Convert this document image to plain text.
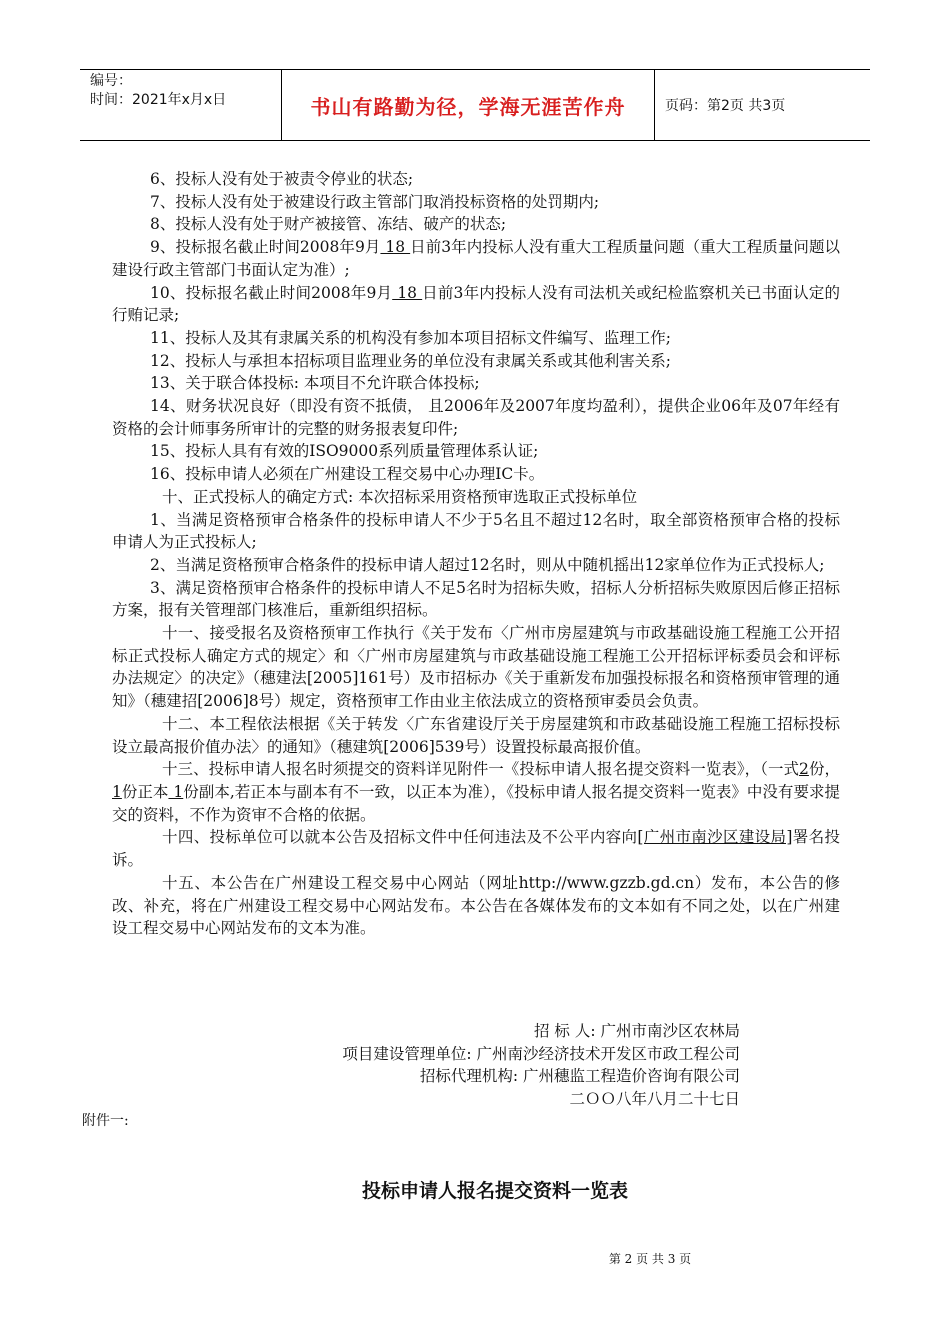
编号：
时间：2021年x月x日	书山有路勤为径，学海无涯苦作舟	页码：第2页 共3页

6、投标人没有处于被责令停业的状态;

7、投标人没有处于被建设行政主管部门取消投标资格的处罚期内;

8、投标人没有处于财产被接管、冻结、破产的状态;

9、投标报名截止时间2008年9月 18 日前3年内投标人没有重大工程质量问题（重大工程质量问题以建设行政主管部门书面认定为准）;

10、投标报名截止时间2008年9月 18 日前3年内投标人没有司法机关或纪检监察机关已书面认定的行贿记录;

11、投标人及其有隶属关系的机构没有参加本项目招标文件编写、监理工作;

12、投标人与承担本招标项目监理业务的单位没有隶属关系或其他利害关系;

13、关于联合体投标: 本项目不允许联合体投标;

14、财务状况良好（即没有资不抵债， 且2006年及2007年度均盈利），提供企业06年及07年经有资格的会计师事务所审计的完整的财务报表复印件;

15、投标人具有有效的ISO9000系列质量管理体系认证;

16、投标申请人必须在广州建设工程交易中心办理IC卡。

十、正式投标人的确定方式: 本次招标采用资格预审选取正式投标单位

1、当满足资格预审合格条件的投标申请人不少于5名且不超过12名时，取全部资格预审合格的投标申请人为正式投标人;

2、当满足资格预审合格条件的投标申请人超过12名时，则从中随机摇出12家单位作为正式投标人;

3、满足资格预审合格条件的投标申请人不足5名时为招标失败，招标人分析招标失败原因后修正招标方案，报有关管理部门核准后，重新组织招标。

十一、接受报名及资格预审工作执行《关于发布〈广州市房屋建筑与市政基础设施工程施工公开招标正式投标人确定方式的规定〉和〈广州市房屋建筑与市政基础设施工程施工公开招标评标委员会和评标办法规定〉的决定》（穗建法[2005]161号）及市招标办《关于重新发布加强投标报名和资格预审管理的通知》（穗建招[2006]8号）规定，资格预审工作由业主依法成立的资格预审委员会负责。

十二、本工程依法根据《关于转发〈广东省建设厅关于房屋建筑和市政基础设施工程施工招标投标设立最高报价值办法〉的通知》（穗建筑[2006]539号）设置投标最高报价值。

十三、投标申请人报名时须提交的资料详见附件一《投标申请人报名提交资料一览表》，（一式2份， 1份正本 1份副本,若正本与副本有不一致，以正本为准），《投标申请人报名提交资料一览表》中没有要求提交的资料，不作为资审不合格的依据。

十四、投标单位可以就本公告及招标文件中任何违法及不公平内容向[广州市南沙区建设局]署名投诉。

十五、本公告在广州建设工程交易中心网站（网址http://www.gzzb.gd.cn）发布，本公告的修改、补充，将在广州建设工程交易中心网站发布。本公告在各媒体发布的文本如有不同之处，以在广州建设工程交易中心网站发布的文本为准。

招 标 人: 广州市南沙区农林局
项目建设管理单位: 广州南沙经济技术开发区市政工程公司
招标代理机构: 广州穗监工程造价咨询有限公司
二ＯＯ八年八月二十七日
附件一:
投标申请人报名提交资料一览表
第 2 页 共 3 页
